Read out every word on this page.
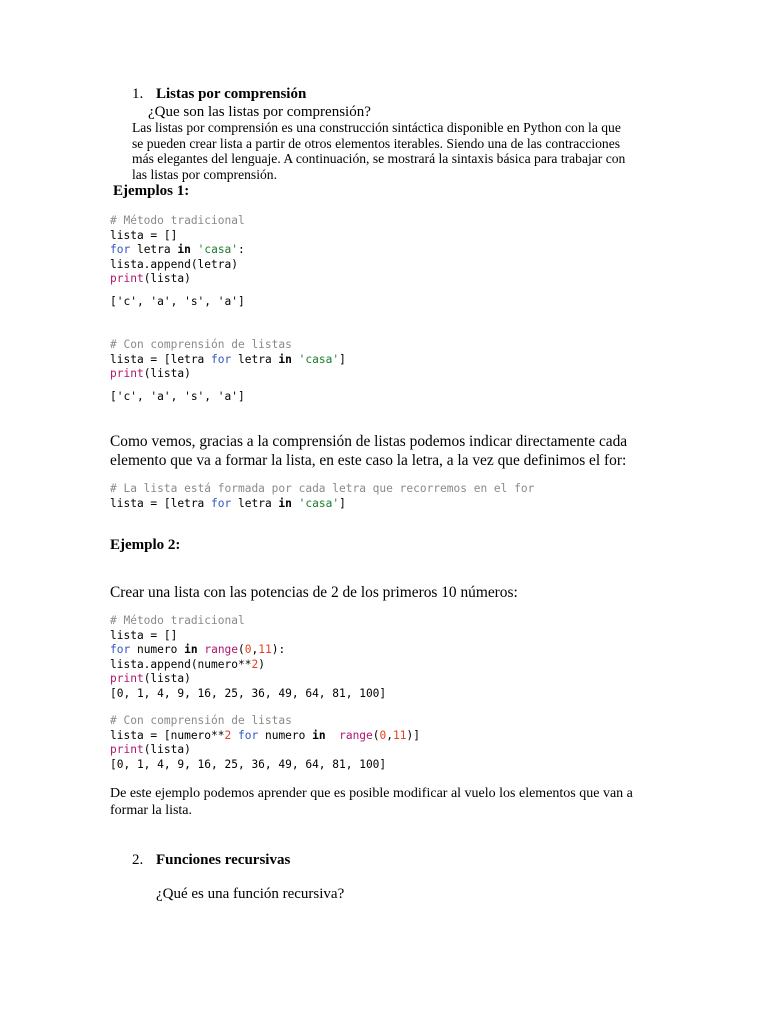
1. Listas por comprensión
¿Que son las listas por comprensión?
Las listas por comprensión es una construcción sintáctica disponible en Python con la que
se pueden crear lista a partir de otros elementos iterables. Siendo una de las contracciones
más elegantes del lenguaje. A continuación, se mostrará la sintaxis básica para trabajar con
las listas por comprensión.
Ejemplos 1:
# Método tradicional
lista = []
for letra in 'casa':
lista.append(letra)
print(lista)
['c', 'a', 's', 'a']
# Con comprensión de listas
lista = [letra for letra in 'casa']
print(lista)
['c', 'a', 's', 'a']
Como vemos, gracias a la comprensión de listas podemos indicar directamente cada
elemento que va a formar la lista, en este caso la letra, a la vez que definimos el for:
# La lista está formada por cada letra que recorremos en el for
lista = [letra for letra in 'casa']
Ejemplo 2:
Crear una lista con las potencias de 2 de los primeros 10 números:
# Método tradicional
lista = []
for numero in range(0,11):
lista.append(numero**2)
print(lista)
[0, 1, 4, 9, 16, 25, 36, 49, 64, 81, 100]
# Con comprensión de listas
lista = [numero**2 for numero in range(0,11)]
print(lista)
[0, 1, 4, 9, 16, 25, 36, 49, 64, 81, 100]
De este ejemplo podemos aprender que es posible modificar al vuelo los elementos que van a
formar la lista.
2. Funciones recursivas
¿Qué es una función recursiva?
